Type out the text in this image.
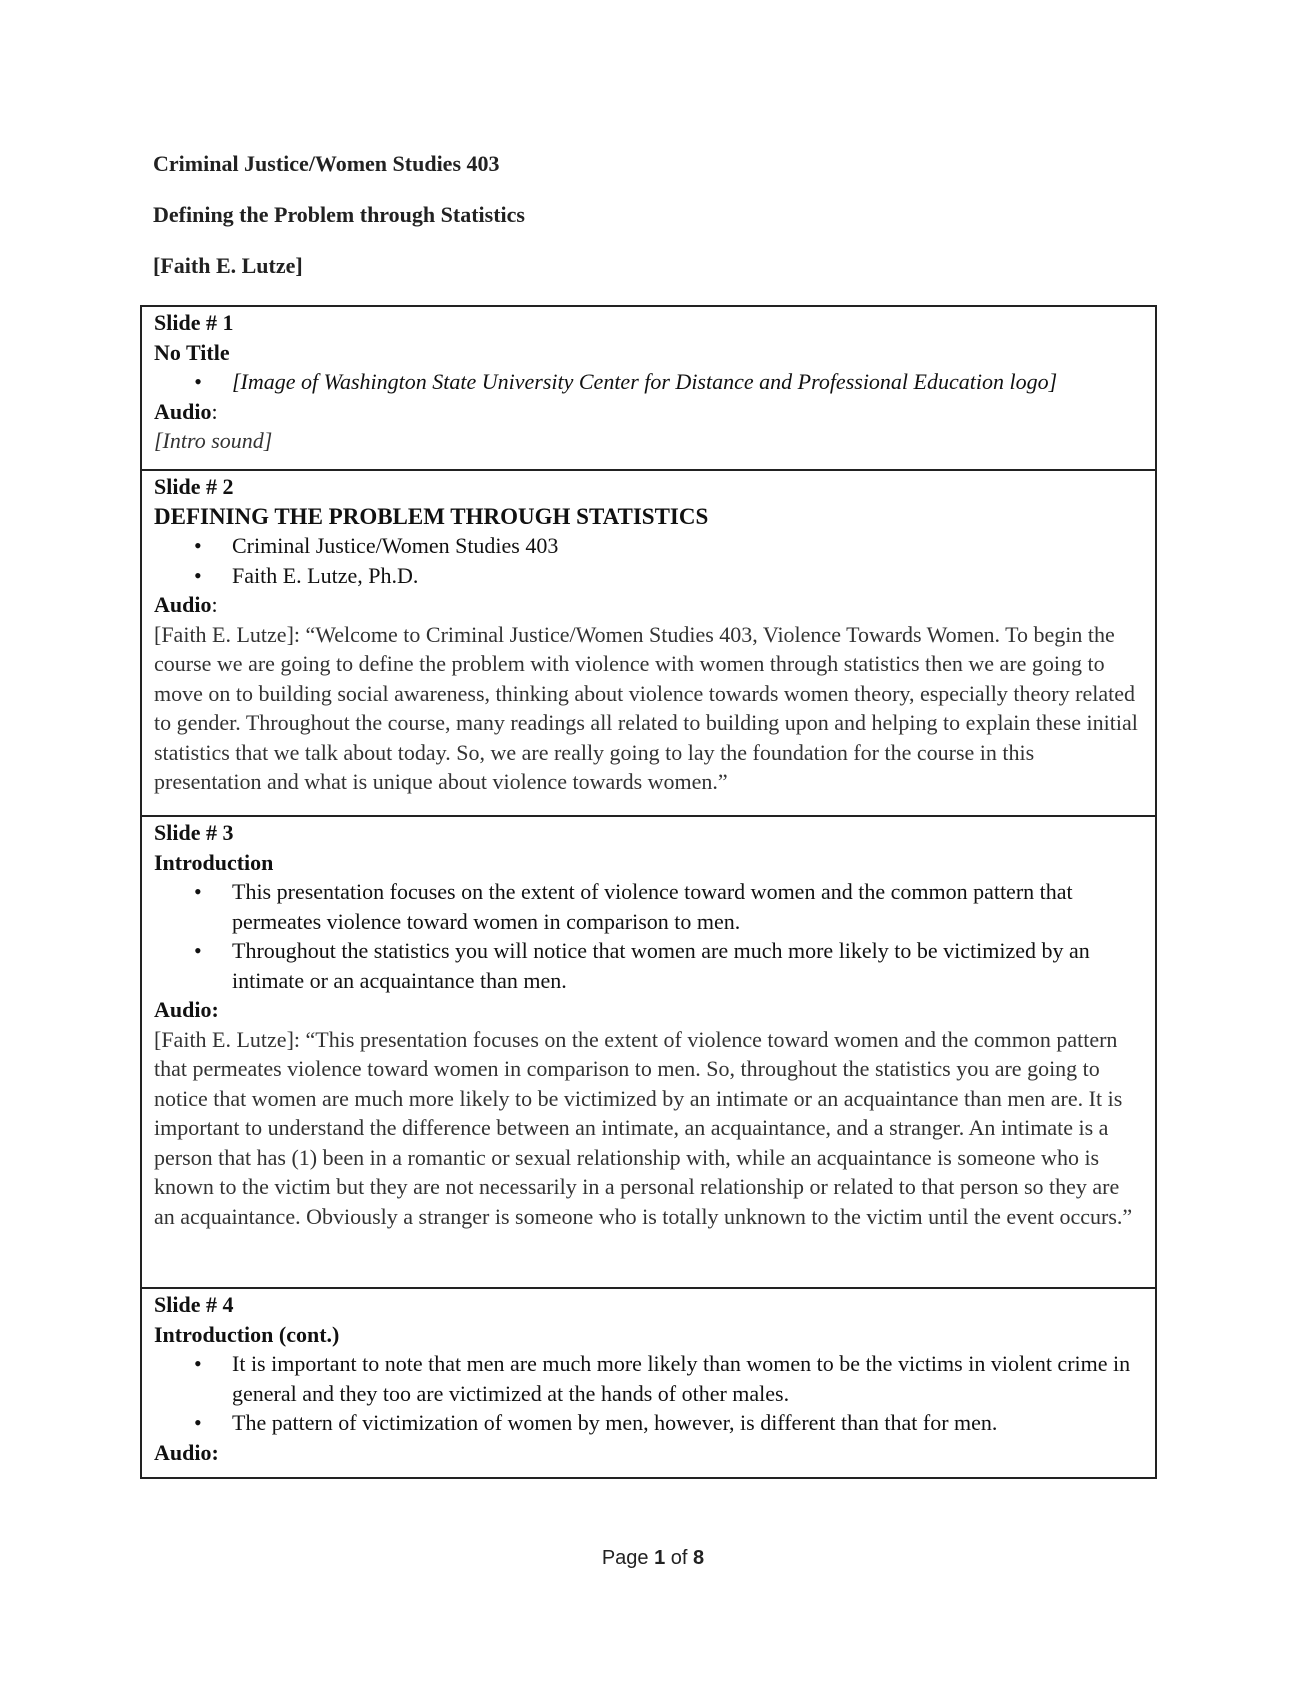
Criminal Justice/Women Studies 403
Defining the Problem through Statistics
[Faith E. Lutze]
Slide # 1
No Title
• [Image of Washington State University Center for Distance and Professional Education logo]
Audio:
[Intro sound]

Slide # 2
DEFINING THE PROBLEM THROUGH STATISTICS
• Criminal Justice/Women Studies 403
• Faith E. Lutze, Ph.D.
Audio:
[Faith E. Lutze]: “Welcome to Criminal Justice/Women Studies 403, Violence Towards Women. To begin the course we are going to define the problem with violence with women through statistics then we are going to move on to building social awareness, thinking about violence towards women theory, especially theory related to gender. Throughout the course, many readings all related to building upon and helping to explain these initial statistics that we talk about today. So, we are really going to lay the foundation for the course in this presentation and what is unique about violence towards women.”

Slide # 3
Introduction
• This presentation focuses on the extent of violence toward women and the common pattern that permeates violence toward women in comparison to men.
• Throughout the statistics you will notice that women are much more likely to be victimized by an intimate or an acquaintance than men.
Audio:
[Faith E. Lutze]: “This presentation focuses on the extent of violence toward women and the common pattern that permeates violence toward women in comparison to men. So, throughout the statistics you are going to notice that women are much more likely to be victimized by an intimate or an acquaintance than men are. It is important to understand the difference between an intimate, an acquaintance, and a stranger. An intimate is a person that has (1) been in a romantic or sexual relationship with, while an acquaintance is someone who is known to the victim but they are not necessarily in a personal relationship or related to that person so they are an acquaintance. Obviously a stranger is someone who is totally unknown to the victim until the event occurs.”

Slide # 4
Introduction (cont.)
• It is important to note that men are much more likely than women to be the victims in violent crime in general and they too are victimized at the hands of other males.
• The pattern of victimization of women by men, however, is different than that for men.
Audio:
Page 1 of 8
